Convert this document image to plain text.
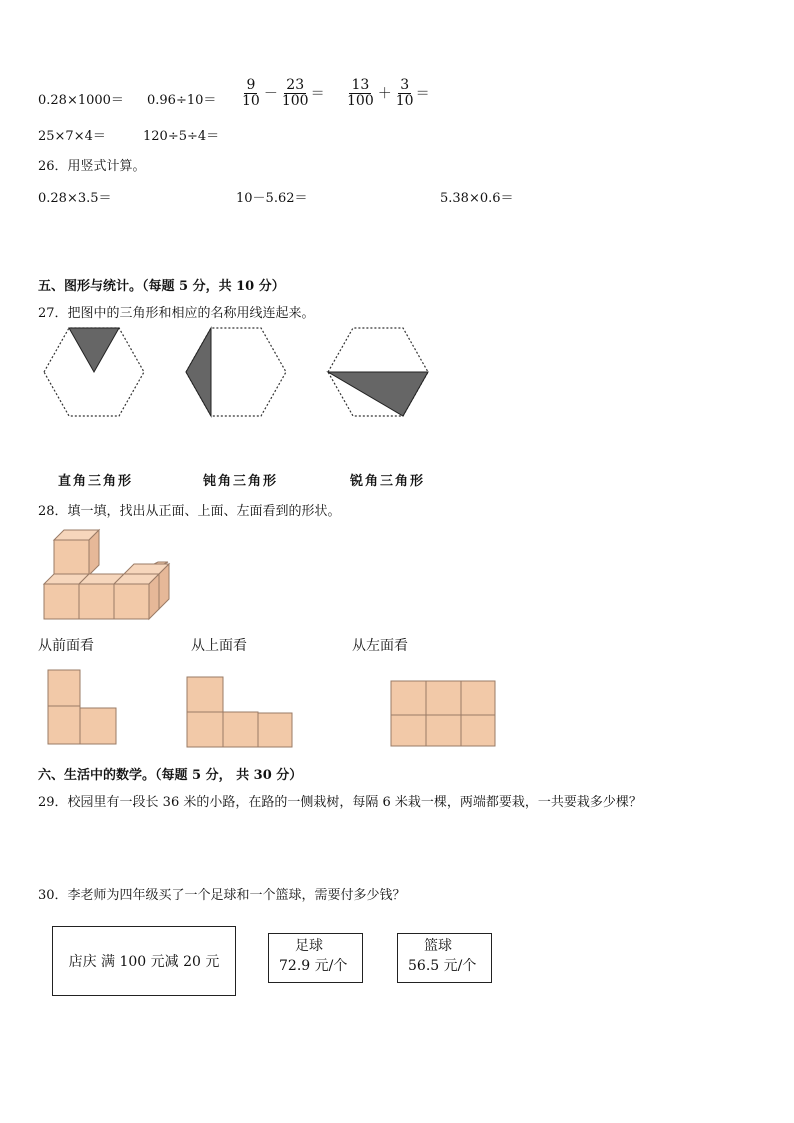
$0.28\times 1000= 0.96\div 10= \frac{9}{10} - \frac{23}{100} = \frac{13}{100} + \frac{3}{10}$ ＝
25×7×4＝	120÷5÷4＝
26．用竖式计算。
0.28×3.5＝	10－5.62＝	5.38×0.6＝
五、图形与统计。（每题 5 分，共 10 分）
27．把图中的三角形和相应的名称用线连起来。
直角三角形	钝角三角形	锐角三角形
28．填一填，找出从正面、上面、左面看到的形状。
从前面看	从上面看	从左面看
六、生活中的数学。（每题 5 分， 共 30 分）
29．校园里有一段长 36 米的小路，在路的一侧栽树，每隔 6 米栽一棵，两端都要栽，一共要栽多少棵？
30．李老师为四年级买了一个足球和一个篮球，需要付多少钱？
店庆 满 100 元减 20 元
足球
72.9 元/个
篮球
56.5 元/个
